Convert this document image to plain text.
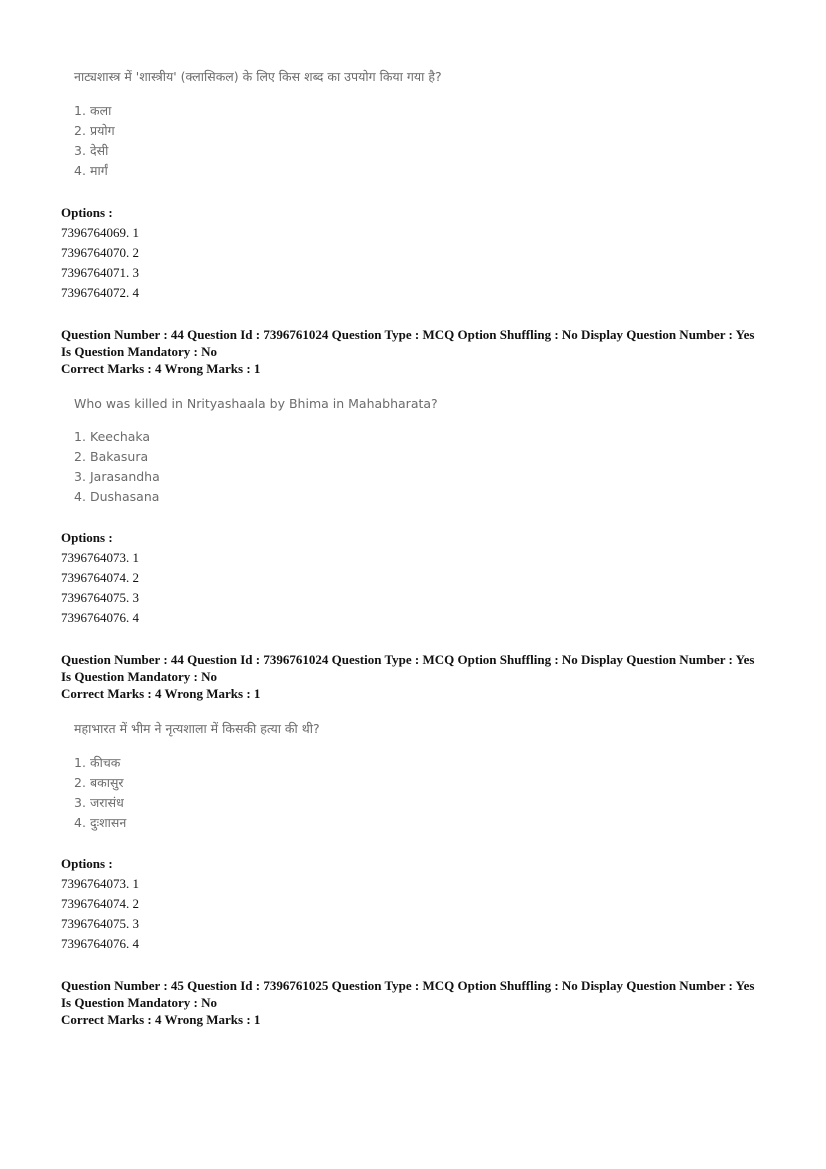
नाट्यशास्त्र में 'शास्त्रीय' (क्लासिकल) के लिए किस शब्द का उपयोग किया गया है?

1. कला
2. प्रयोग
3. देसी
4. मार्गं
Options :
7396764069. 1
7396764070. 2
7396764071. 3
7396764072. 4
Question Number : 44 Question Id : 7396761024 Question Type : MCQ Option Shuffling : No Display Question Number : Yes
Is Question Mandatory : No
Correct Marks : 4 Wrong Marks : 1

Who was killed in Nrityashaala by Bhima in Mahabharata?

1. Keechaka
2. Bakasura
3. Jarasandha
4. Dushasana
Options :
7396764073. 1
7396764074. 2
7396764075. 3
7396764076. 4
Question Number : 44 Question Id : 7396761024 Question Type : MCQ Option Shuffling : No Display Question Number : Yes
Is Question Mandatory : No
Correct Marks : 4 Wrong Marks : 1

महाभारत में भीम ने नृत्यशाला में किसकी हत्या की थी?

1. कीचक
2. बकासुर
3. जरासंध
4. दुःशासन
Options :
7396764073. 1
7396764074. 2
7396764075. 3
7396764076. 4
Question Number : 45 Question Id : 7396761025 Question Type : MCQ Option Shuffling : No Display Question Number : Yes
Is Question Mandatory : No
Correct Marks : 4 Wrong Marks : 1
